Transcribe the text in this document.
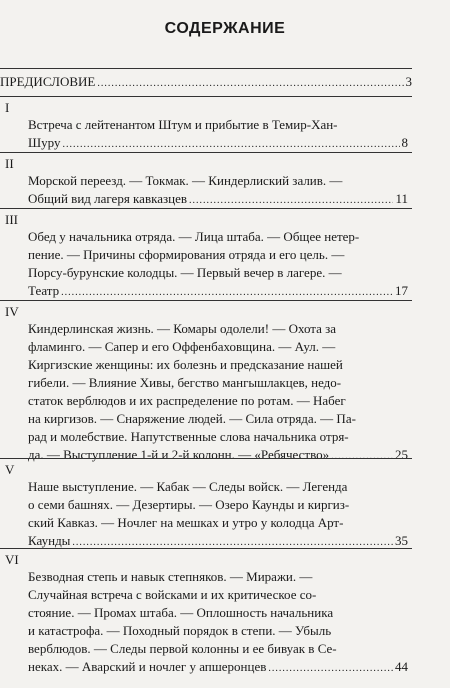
СОДЕРЖАНИЕ
ПРЕДИСЛОВИЕ .....	3
I
Встреча с лейтенантом Штум и прибытие в Темир-Хан-
Шуру .....	8
II
Морской переезд. — Токмак. — Киндерлиский залив. —
Общий вид лагеря кавказцев .....	11
III
Обед у начальника отряда. — Лица штаба. — Общее нетер-
пение. — Причины сформирования отряда и его цель. —
Порсу-бурунские колодцы. — Первый вечер в лагере. —
Театр .....	17
IV
Киндерлинская жизнь. — Комары одолели! — Охота за
фламинго. — Сапер и его Оффенбаховщина. — Аул. —
Киргизские женщины: их болезнь и предсказание нашей
гибели. — Влияние Хивы, бегство мангышлакцев, недо-
статок верблюдов и их распределение по ротам. — Набег
на киргизов. — Снаряжение людей. — Сила отряда. — Па-
рад и молебствие. Напутственные слова начальника отря-
да. — Выступление 1-й и 2-й колонн. — «Ребячество» .....	25
V
Наше выступление. — Кабак — Следы войск. — Легенда
о семи башнях. — Дезертиры. — Озеро Каунды и киргиз-
ский Кавказ. — Ночлег на мешках и утро у колодца Арт-
Каунды .....	35
VI
Безводная степь и навык степняков. — Миражи. —
Случайная встреча с войсками и их критическое со-
стояние. — Промах штаба. — Оплошность начальника
и катастрофа. — Походный порядок в степи. — Убыль
верблюдов. — Следы первой колонны и ее бивуак в Се-
неках. — Аварский и ночлег у апшеронцев .....	44
